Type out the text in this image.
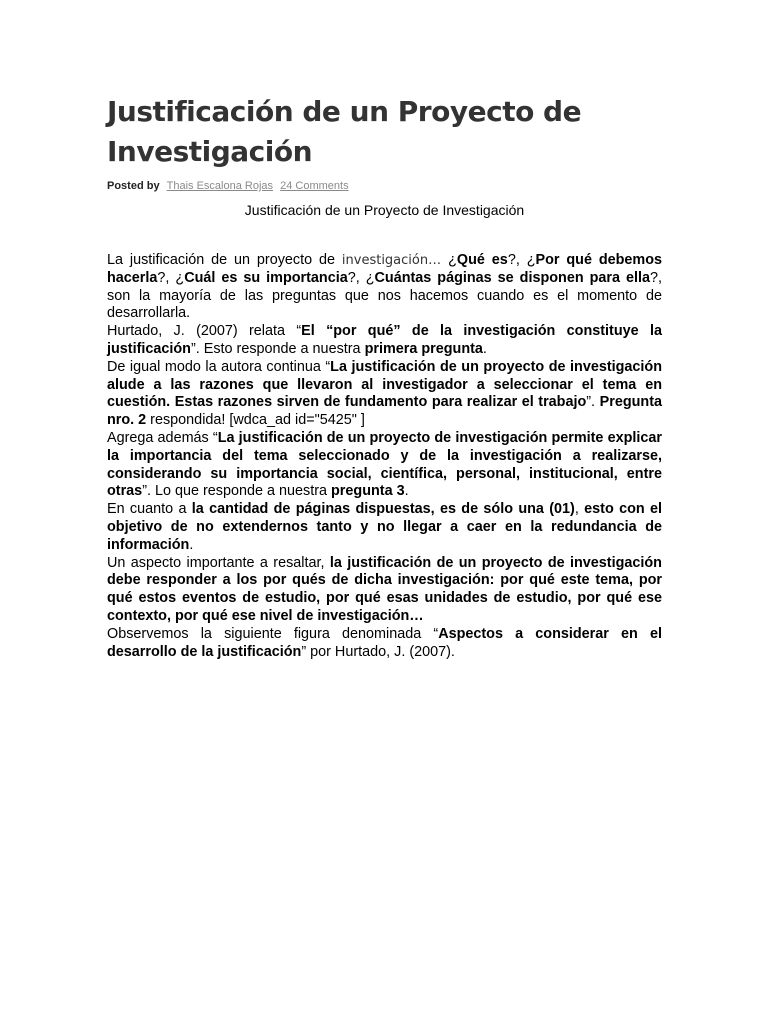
Justificación de un Proyecto de Investigación
Posted by Thais Escalona Rojas 24 Comments
Justificación de un Proyecto de Investigación

La justificación de un proyecto de investigación… ¿Qué es?, ¿Por qué debemos hacerla?, ¿Cuál es su importancia?, ¿Cuántas páginas se disponen para ella?, son la mayoría de las preguntas que nos hacemos cuando es el momento de desarrollarla.

Hurtado, J. (2007) relata “El “por qué” de la investigación constituye la justificación”. Esto responde a nuestra primera pregunta.

De igual modo la autora continua “La justificación de un proyecto de investigación alude a las razones que llevaron al investigador a seleccionar el tema en cuestión. Estas razones sirven de fundamento para realizar el trabajo”. Pregunta nro. 2 respondida! [wdca_ad id="5425" ]

Agrega además “La justificación de un proyecto de investigación permite explicar la importancia del tema seleccionado y de la investigación a realizarse, considerando su importancia social, científica, personal, institucional, entre otras”. Lo que responde a nuestra pregunta 3.

En cuanto a la cantidad de páginas dispuestas, es de sólo una (01), esto con el objetivo de no extendernos tanto y no llegar a caer en la redundancia de información.

Un aspecto importante a resaltar, la justificación de un proyecto de investigación debe responder a los por qués de dicha investigación: por qué este tema, por qué estos eventos de estudio, por qué esas unidades de estudio, por qué ese contexto, por qué ese nivel de investigación…

Observemos la siguiente figura denominada “Aspectos a considerar en el desarrollo de la justificación” por Hurtado, J. (2007).
